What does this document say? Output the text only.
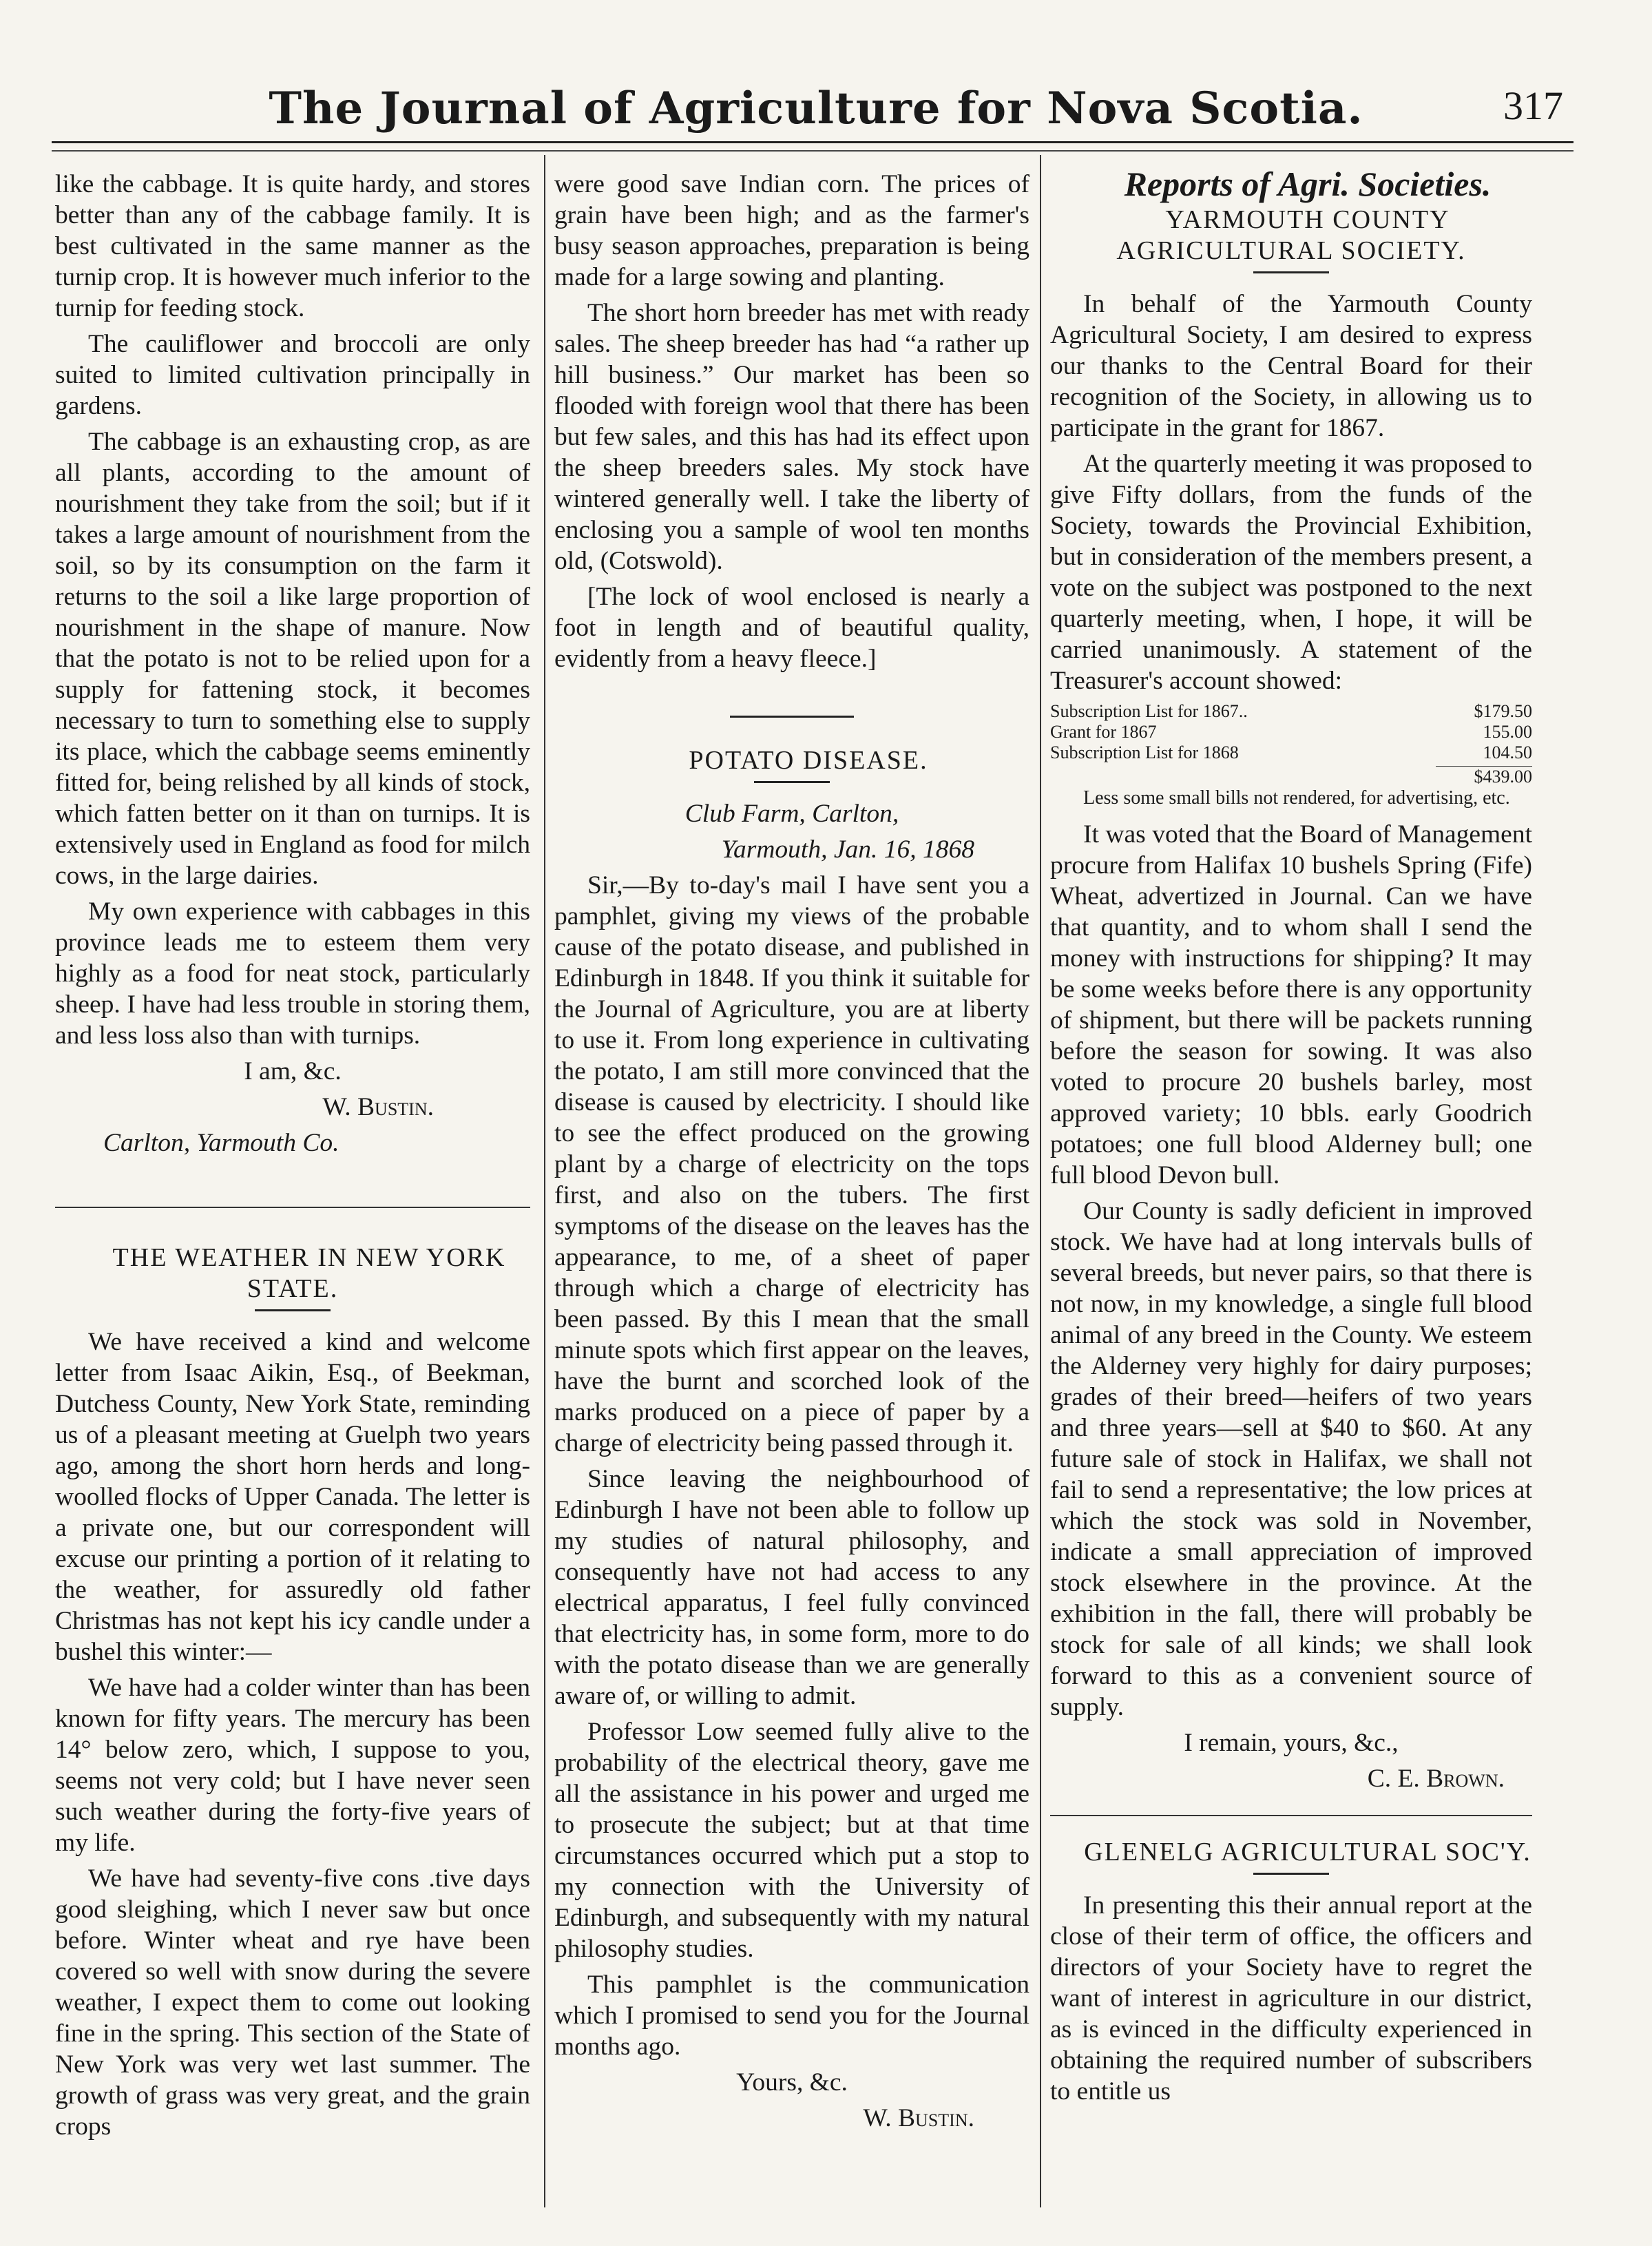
The Journal of Agriculture for Nova Scotia.	317

like the cabbage. It is quite hardy, and stores better than any of the cabbage family. It is best cultivated in the same manner as the turnip crop. It is however much inferior to the turnip for feeding stock.

The cauliflower and broccoli are only suited to limited cultivation principally in gardens.

The cabbage is an exhausting crop, as are all plants, according to the amount of nourishment they take from the soil; but if it takes a large amount of nourishment from the soil, so by its consumption on the farm it returns to the soil a like large proportion of nourishment in the shape of manure. Now that the potato is not to be relied upon for a supply for fattening stock, it becomes necessary to turn to something else to supply its place, which the cabbage seems eminently fitted for, being relished by all kinds of stock, which fatten better on it than on turnips. It is extensively used in England as food for milch cows, in the large dairies.

My own experience with cabbages in this province leads me to esteem them very highly as a food for neat stock, particularly sheep. I have had less trouble in storing them, and less loss also than with turnips.

I am, &c.

W. Bustin.

Carlton, Yarmouth Co.

THE WEATHER IN NEW YORK STATE.

We have received a kind and welcome letter from Isaac Aikin, Esq., of Beekman, Dutchess County, New York State, reminding us of a pleasant meeting at Guelph two years ago, among the short horn herds and long-woolled flocks of Upper Canada. The letter is a private one, but our correspondent will excuse our printing a portion of it relating to the weather, for assuredly old father Christmas has not kept his icy candle under a bushel this winter:—

We have had a colder winter than has been known for fifty years. The mercury has been 14° below zero, which, I suppose to you, seems not very cold; but I have never seen such weather during the forty-five years of my life.

We have had seventy-five cons .tive days good sleighing, which I never saw but once before. Winter wheat and rye have been covered so well with snow during the severe weather, I expect them to come out looking fine in the spring. This section of the State of New York was very wet last summer. The growth of grass was very great, and the grain crops

were good save Indian corn. The prices of grain have been high; and as the farmer's busy season approaches, preparation is being made for a large sowing and planting.

The short horn breeder has met with ready sales. The sheep breeder has had “a rather up hill business.” Our market has been so flooded with foreign wool that there has been but few sales, and this has had its effect upon the sheep breeders sales. My stock have wintered generally well. I take the liberty of enclosing you a sample of wool ten months old, (Cotswold).

[The lock of wool enclosed is nearly a foot in length and of beautiful quality, evidently from a heavy fleece.]

POTATO DISEASE.

Club Farm, Carlton,

Yarmouth, Jan. 16, 1868

Sir,—By to-day's mail I have sent you a pamphlet, giving my views of the probable cause of the potato disease, and published in Edinburgh in 1848. If you think it suitable for the Journal of Agriculture, you are at liberty to use it. From long experience in cultivating the potato, I am still more convinced that the disease is caused by electricity. I should like to see the effect produced on the growing plant by a charge of electricity on the tops first, and also on the tubers. The first symptoms of the disease on the leaves has the appearance, to me, of a sheet of paper through which a charge of electricity has been passed. By this I mean that the small minute spots which first appear on the leaves, have the burnt and scorched look of the marks produced on a piece of paper by a charge of electricity being passed through it.

Since leaving the neighbourhood of Edinburgh I have not been able to follow up my studies of natural philosophy, and consequently have not had access to any electrical apparatus, I feel fully convinced that electricity has, in some form, more to do with the potato disease than we are generally aware of, or willing to admit.

Professor Low seemed fully alive to the probability of the electrical theory, gave me all the assistance in his power and urged me to prosecute the subject; but at that time circumstances occurred which put a stop to my connection with the University of Edinburgh, and subsequently with my natural philosophy studies.

This pamphlet is the communication which I promised to send you for the Journal months ago.

Yours, &c.

W. Bustin.

Reports of Agri. Societies.

YARMOUTH COUNTY AGRICULTURAL SOCIETY.

In behalf of the Yarmouth County Agricultural Society, I am desired to express our thanks to the Central Board for their recognition of the Society, in allowing us to participate in the grant for 1867.

At the quarterly meeting it was proposed to give Fifty dollars, from the funds of the Society, towards the Provincial Exhibition, but in consideration of the members present, a vote on the subject was postponed to the next quarterly meeting, when, I hope, it will be carried unanimously. A statement of the Treasurer's account showed:

Subscription List for 1867..	$179.50
Grant for 1867	155.00
Subscription List for 1868	104.50
$439.00

Less some small bills not rendered, for advertising, etc.

It was voted that the Board of Management procure from Halifax 10 bushels Spring (Fife) Wheat, advertized in Journal. Can we have that quantity, and to whom shall I send the money with instructions for shipping? It may be some weeks before there is any opportunity of shipment, but there will be packets running before the season for sowing. It was also voted to procure 20 bushels barley, most approved variety; 10 bbls. early Goodrich potatoes; one full blood Alderney bull; one full blood Devon bull.

Our County is sadly deficient in improved stock. We have had at long intervals bulls of several breeds, but never pairs, so that there is not now, in my knowledge, a single full blood animal of any breed in the County. We esteem the Alderney very highly for dairy purposes; grades of their breed—heifers of two years and three years—sell at $40 to $60. At any future sale of stock in Halifax, we shall not fail to send a representative; the low prices at which the stock was sold in November, indicate a small appreciation of improved stock elsewhere in the province. At the exhibition in the fall, there will probably be stock for sale of all kinds; we shall look forward to this as a convenient source of supply.

I remain, yours, &c.,

C. E. Brown.

GLENELG AGRICULTURAL SOC'Y.

In presenting this their annual report at the close of their term of office, the officers and directors of your Society have to regret the want of interest in agriculture in our district, as is evinced in the difficulty experienced in obtaining the required number of subscribers to entitle us
